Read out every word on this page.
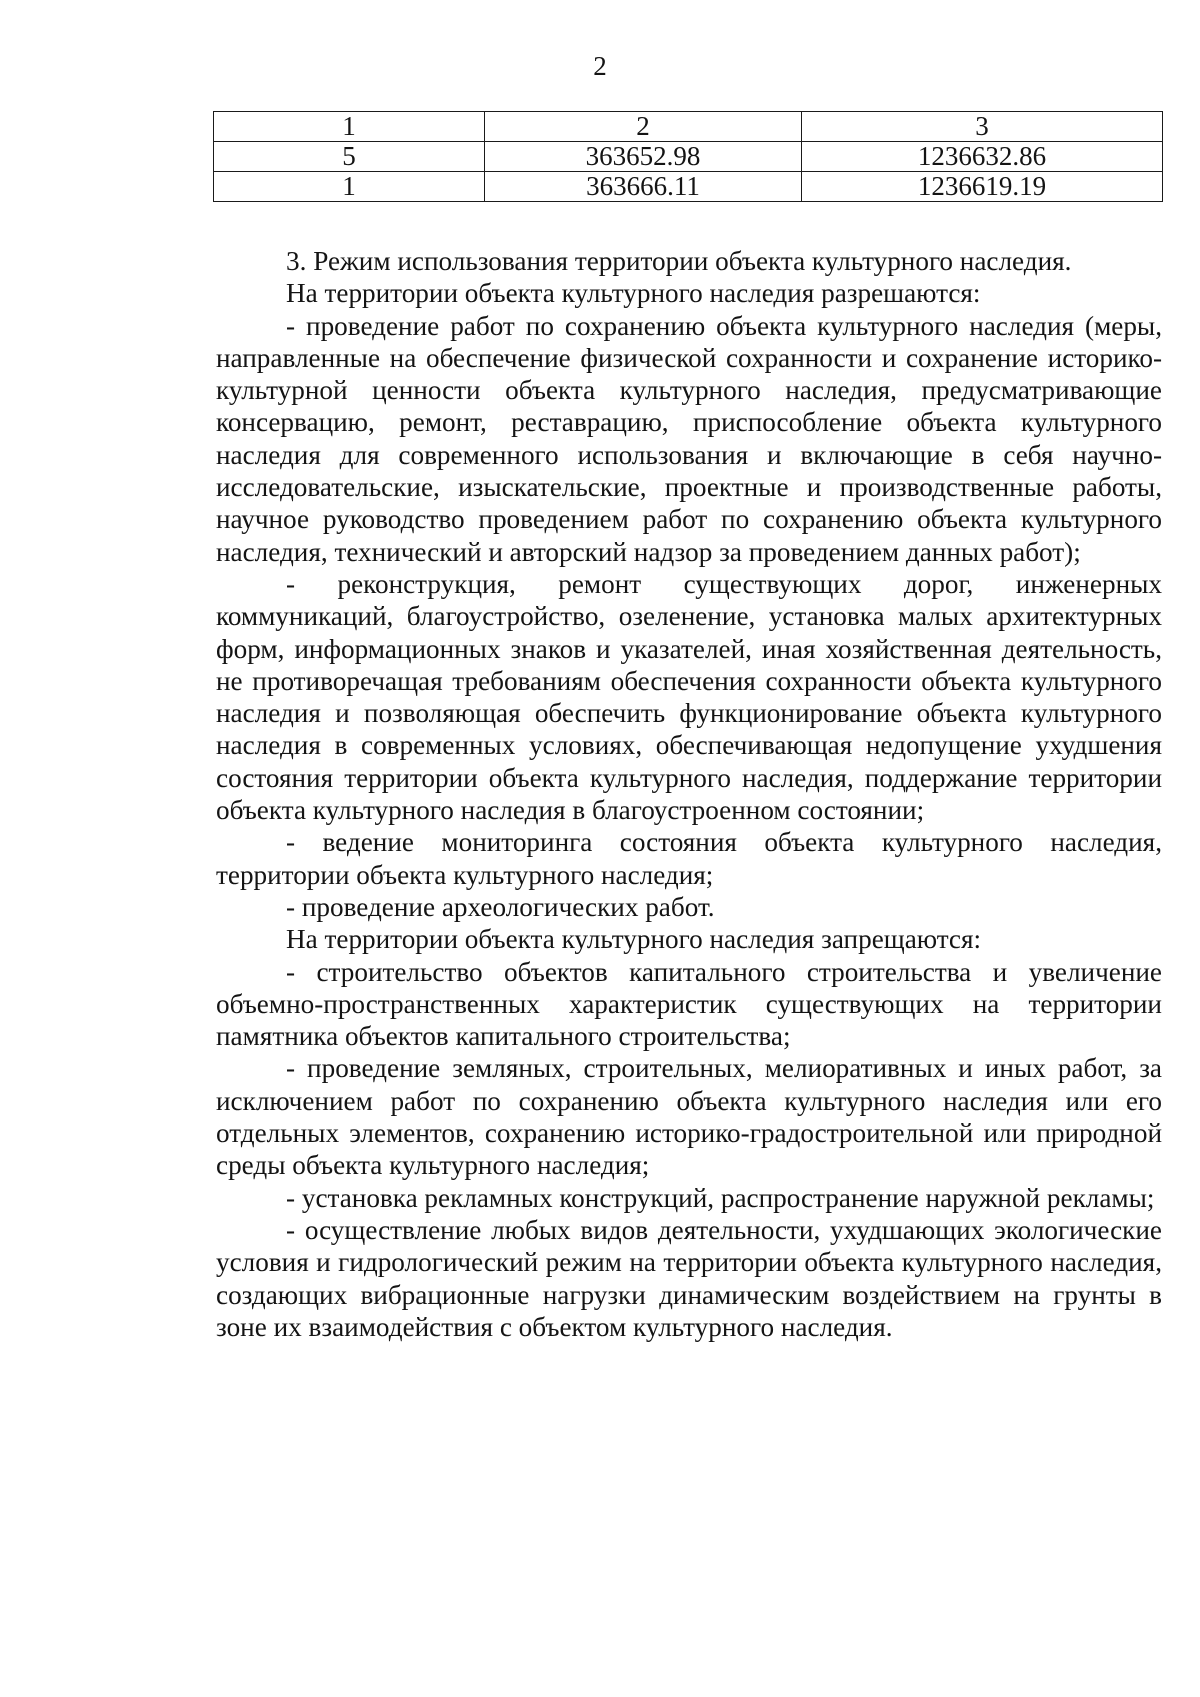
2
1	2	3
5	363652.98	1236632.86
1	363666.11	1236619.19

3. Режим использования территории объекта культурного наследия.

На территории объекта культурного наследия разрешаются:

- проведение работ по сохранению объекта культурного наследия (меры, направленные на обеспечение физической сохранности и сохранение историко-культурной ценности объекта культурного наследия, предусматривающие консервацию, ремонт, реставрацию, приспособление объекта культурного наследия для современного использования и включающие в себя научно-исследовательские, изыскательские, проектные и производственные работы, научное руководство проведением работ по сохранению объекта культурного наследия, технический и авторский надзор за проведением данных работ);

- реконструкция, ремонт существующих дорог, инженерных коммуникаций, благоустройство, озеленение, установка малых архитектурных форм, информационных знаков и указателей, иная хозяйственная деятельность, не противоречащая требованиям обеспечения сохранности объекта культурного наследия и позволяющая обеспечить функционирование объекта культурного наследия в современных условиях, обеспечивающая недопущение ухудшения состояния территории объекта культурного наследия, поддержание территории объекта культурного наследия в благоустроенном состоянии;

- ведение мониторинга состояния объекта культурного наследия, территории объекта культурного наследия;

- проведение археологических работ.

На территории объекта культурного наследия запрещаются:

- строительство объектов капитального строительства и увеличение объемно-пространственных характеристик существующих на территории памятника объектов капитального строительства;

- проведение земляных, строительных, мелиоративных и иных работ, за исключением работ по сохранению объекта культурного наследия или его отдельных элементов, сохранению историко-градостроительной или природной среды объекта культурного наследия;

- установка рекламных конструкций, распространение наружной рекламы;

- осуществление любых видов деятельности, ухудшающих экологические условия и гидрологический режим на территории объекта культурного наследия, создающих вибрационные нагрузки динамическим воздействием на грунты в зоне их взаимодействия с объектом культурного наследия.
